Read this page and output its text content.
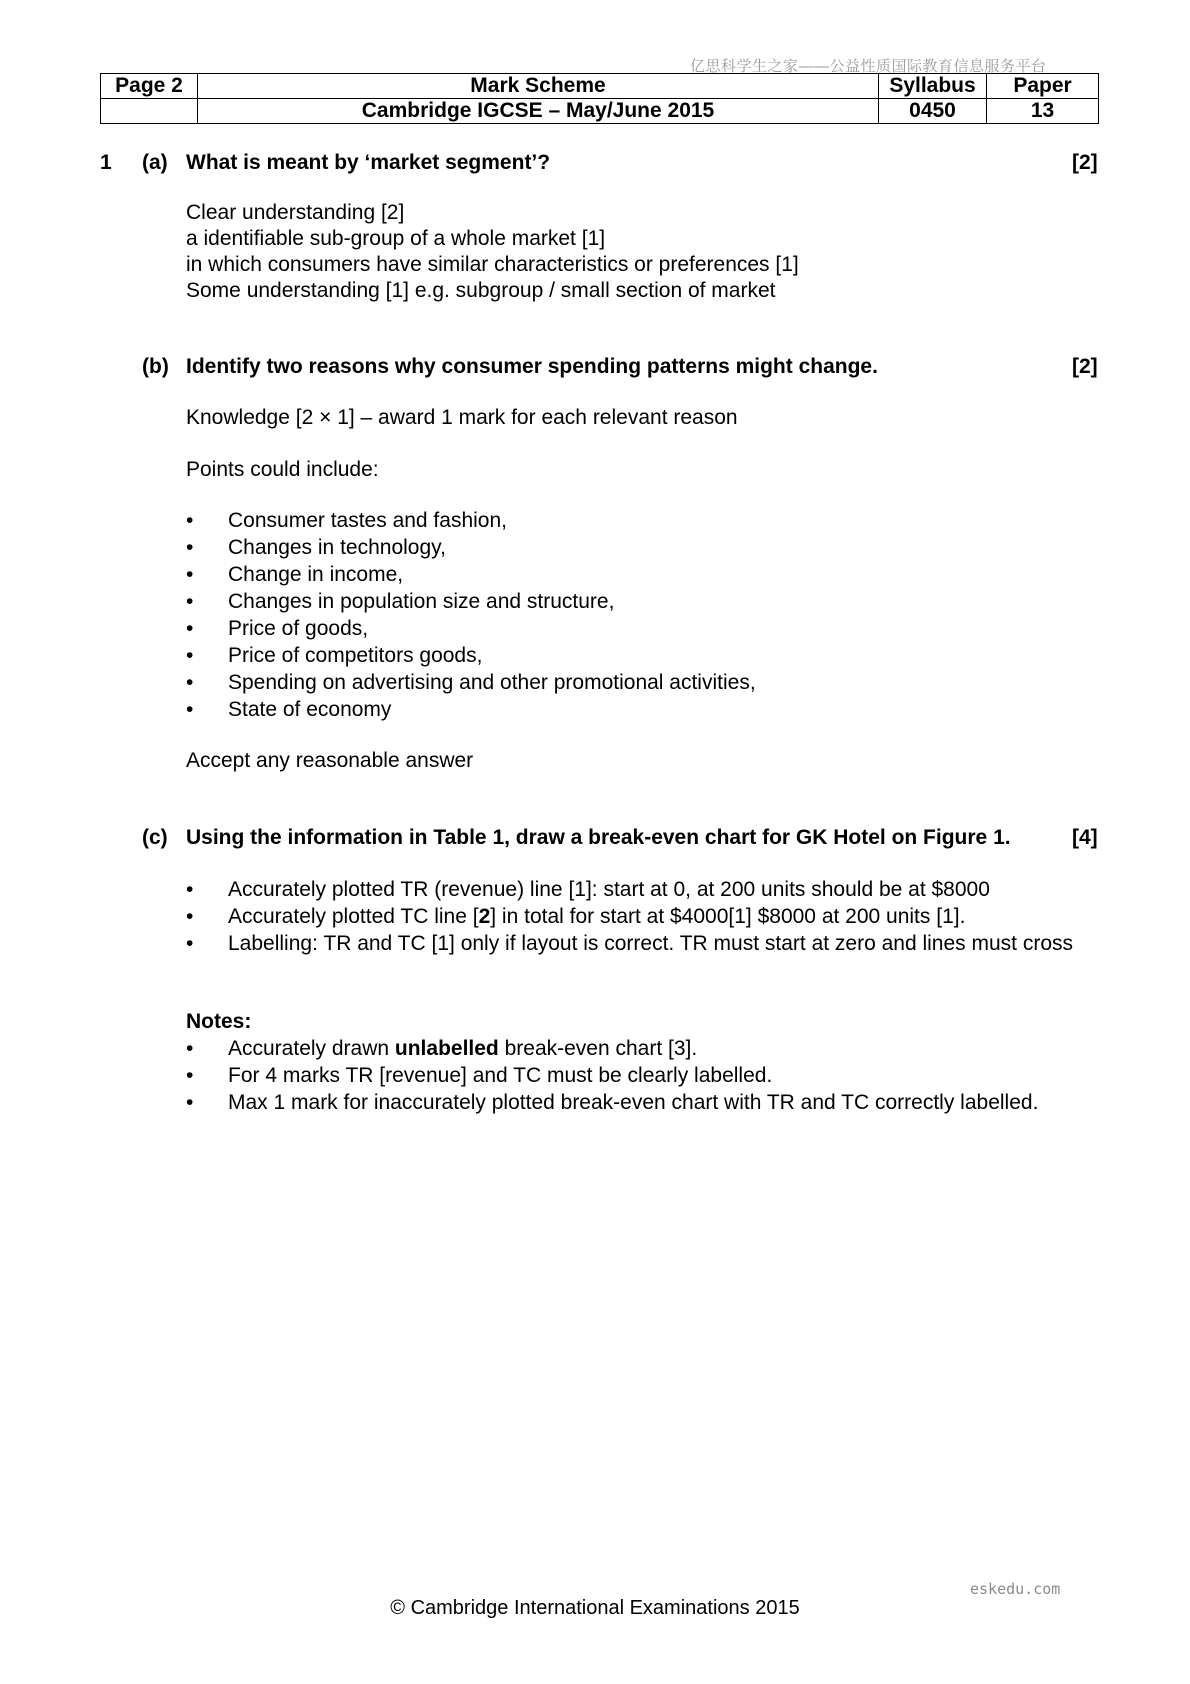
亿思科学生之家——公益性质国际教育信息服务平台
Page 2	Mark Scheme	Syllabus	Paper
	Cambridge IGCSE – May/June 2015	0450	13
1 (a) What is meant by ‘market segment’?	[2]
Clear understanding [2]
a identifiable sub-group of a whole market [1]
in which consumers have similar characteristics or preferences [1]
Some understanding [1] e.g. subgroup / small section of market
(b) Identify two reasons why consumer spending patterns might change.	[2]
Knowledge [2 × 1] – award 1 mark for each relevant reason
Points could include:
•	Consumer tastes and fashion,
•	Changes in technology,
•	Change in income,
•	Changes in population size and structure,
•	Price of goods,
•	Price of competitors goods,
•	Spending on advertising and other promotional activities,
•	State of economy
Accept any reasonable answer
(c) Using the information in Table 1, draw a break-even chart for GK Hotel on Figure 1.	[4]
•	Accurately plotted TR (revenue) line [1]: start at 0, at 200 units should be at $8000
•	Accurately plotted TC line [2] in total for start at $4000[1] $8000 at 200 units [1].
•	Labelling: TR and TC [1] only if layout is correct. TR must start at zero and lines must cross
Notes:
•	Accurately drawn unlabelled break-even chart [3].
•	For 4 marks TR [revenue] and TC must be clearly labelled.
•	Max 1 mark for inaccurately plotted break-even chart with TR and TC correctly labelled.
eskedu.com
© Cambridge International Examinations 2015
